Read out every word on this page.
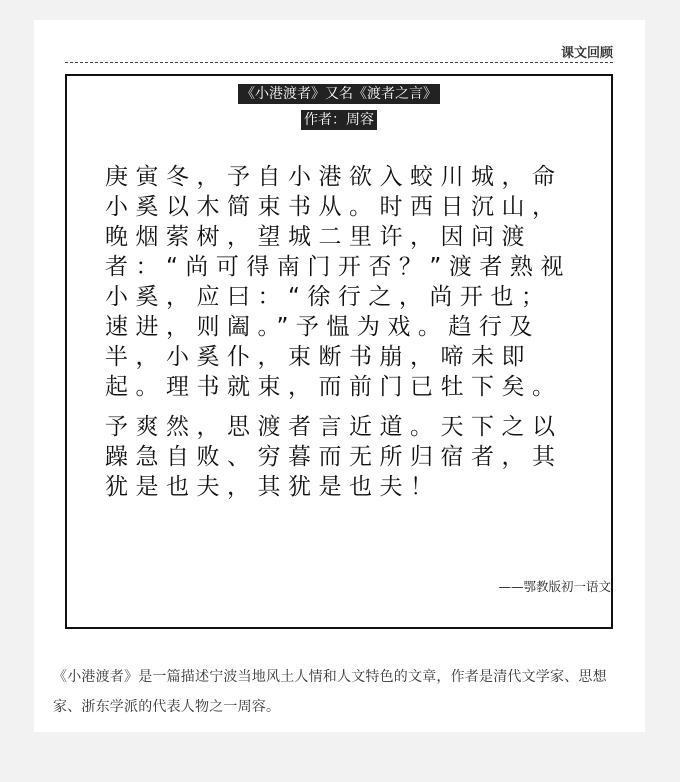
课文回顾
《小港渡者》又名《渡者之言》
作者：周容

庚寅冬，予自小港欲入蛟川城，命小奚以木简束书从。时西日沉山，晚烟萦树，望城二里许，因问渡者：“尚可得南门开否？”渡者熟视小奚，应曰：“徐行之，尚开也；速进，则阖。”予愠为戏。趋行及半，小奚仆，束断书崩，啼未即起。理书就束，而前门已牡下矣。

予爽然，思渡者言近道。天下之以躁急自败、穷暮而无所归宿者，其犹是也夫，其犹是也夫！

——鄂教版初一语文
《小港渡者》是一篇描述宁波当地风土人情和人文特色的文章，作者是清代文学家、思想家、浙东学派的代表人物之一周容。
